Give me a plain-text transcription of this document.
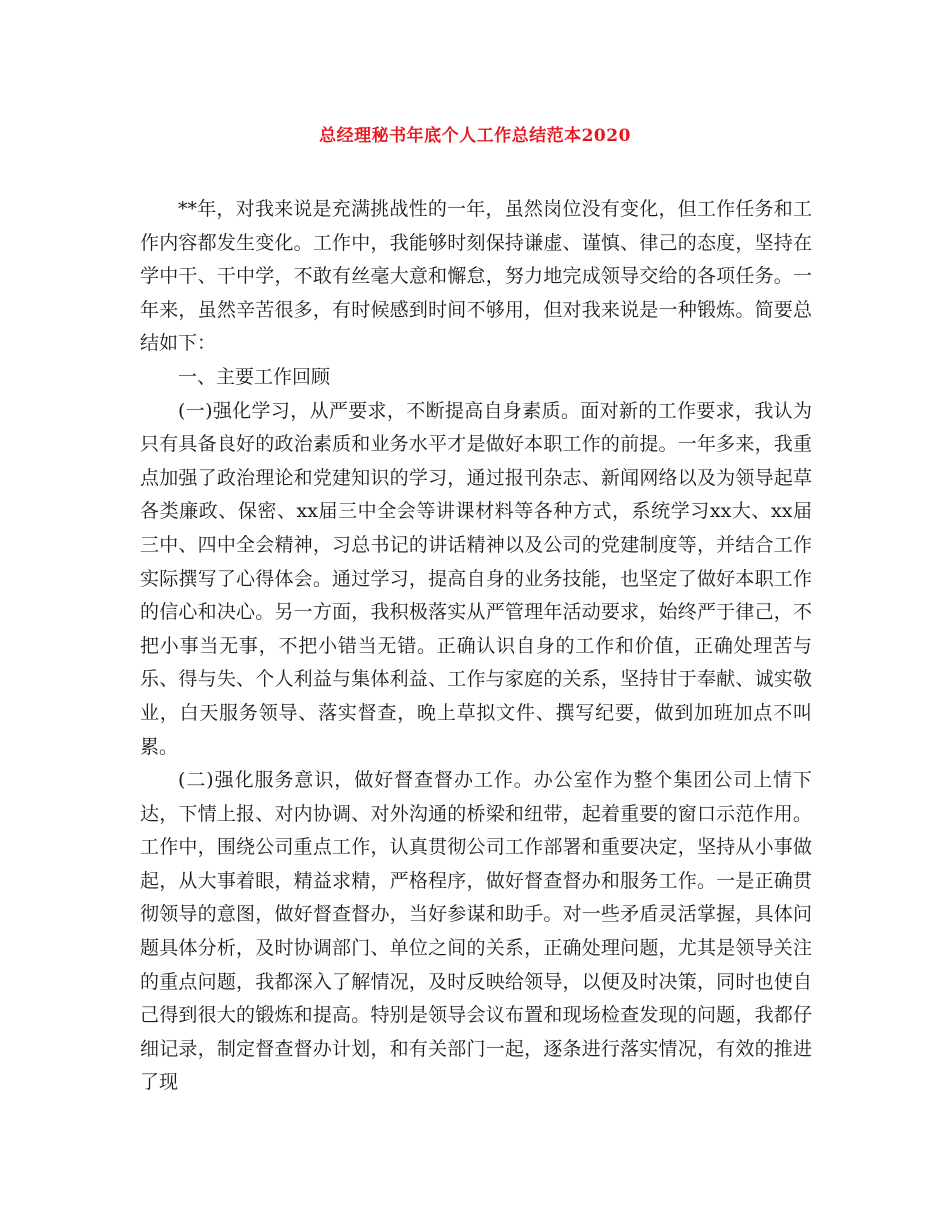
总经理秘书年底个人工作总结范本2020

**年，对我来说是充满挑战性的一年，虽然岗位没有变化，但工作任务和工作内容都发生变化。工作中，我能够时刻保持谦虚、谨慎、律己的态度，坚持在学中干、干中学，不敢有丝毫大意和懈怠，努力地完成领导交给的各项任务。一年来，虽然辛苦很多，有时候感到时间不够用，但对我来说是一种锻炼。简要总结如下：

一、主要工作回顾

(一)强化学习，从严要求，不断提高自身素质。面对新的工作要求，我认为只有具备良好的政治素质和业务水平才是做好本职工作的前提。一年多来，我重点加强了政治理论和党建知识的学习，通过报刊杂志、新闻网络以及为领导起草各类廉政、保密、xx届三中全会等讲课材料等各种方式，系统学习xx大、xx届三中、四中全会精神，习总书记的讲话精神以及公司的党建制度等，并结合工作实际撰写了心得体会。通过学习，提高自身的业务技能，也坚定了做好本职工作的信心和决心。另一方面，我积极落实从严管理年活动要求，始终严于律己，不把小事当无事，不把小错当无错。正确认识自身的工作和价值，正确处理苦与乐、得与失、个人利益与集体利益、工作与家庭的关系，坚持甘于奉献、诚实敬业，白天服务领导、落实督查，晚上草拟文件、撰写纪要，做到加班加点不叫累。

(二)强化服务意识，做好督查督办工作。办公室作为整个集团公司上情下达，下情上报、对内协调、对外沟通的桥梁和纽带，起着重要的窗口示范作用。工作中，围绕公司重点工作，认真贯彻公司工作部署和重要决定，坚持从小事做起，从大事着眼，精益求精，严格程序，做好督查督办和服务工作。一是正确贯彻领导的意图，做好督查督办，当好参谋和助手。对一些矛盾灵活掌握，具体问题具体分析，及时协调部门、单位之间的关系，正确处理问题，尤其是领导关注的重点问题，我都深入了解情况，及时反映给领导，以便及时决策，同时也使自己得到很大的锻炼和提高。特别是领导会议布置和现场检查发现的问题，我都仔细记录，制定督查督办计划，和有关部门一起，逐条进行落实情况，有效的推进了现
